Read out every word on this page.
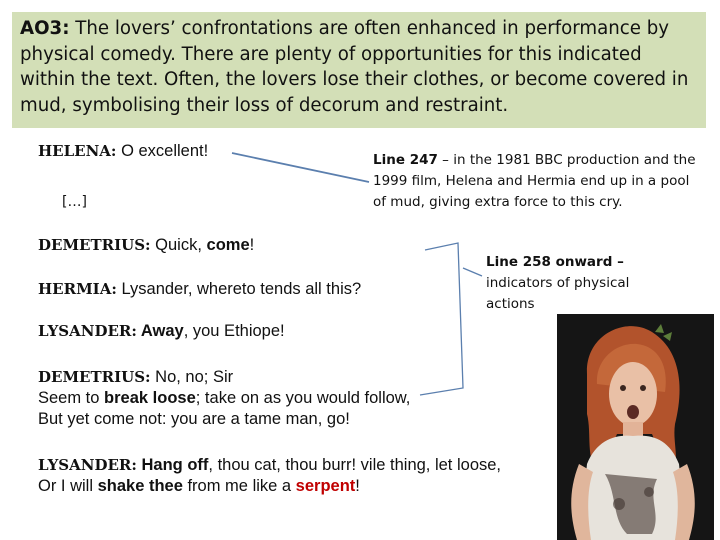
AO3: The lovers’ confrontations are often enhanced in performance by physical comedy. There are plenty of opportunities for this indicated within the text. Often, the lovers lose their clothes, or become covered in mud, symbolising their loss of decorum and restraint.
HELENA: O excellent!
[…]
DEMETRIUS: Quick, come!
HERMIA: Lysander, whereto tends all this?
LYSANDER: Away, you Ethiope!
DEMETRIUS: No, no; Sir
Seem to break loose; take on as you would follow,
But yet come not: you are a tame man, go!
LYSANDER: Hang off, thou cat, thou burr! vile thing, let loose,
Or I will shake thee from me like a serpent!
Line 247 – in the 1981 BBC production and the 1999 film, Helena and Hermia end up in a pool of mud, giving extra force to this cry.
Line 258 onward – indicators of physical actions
